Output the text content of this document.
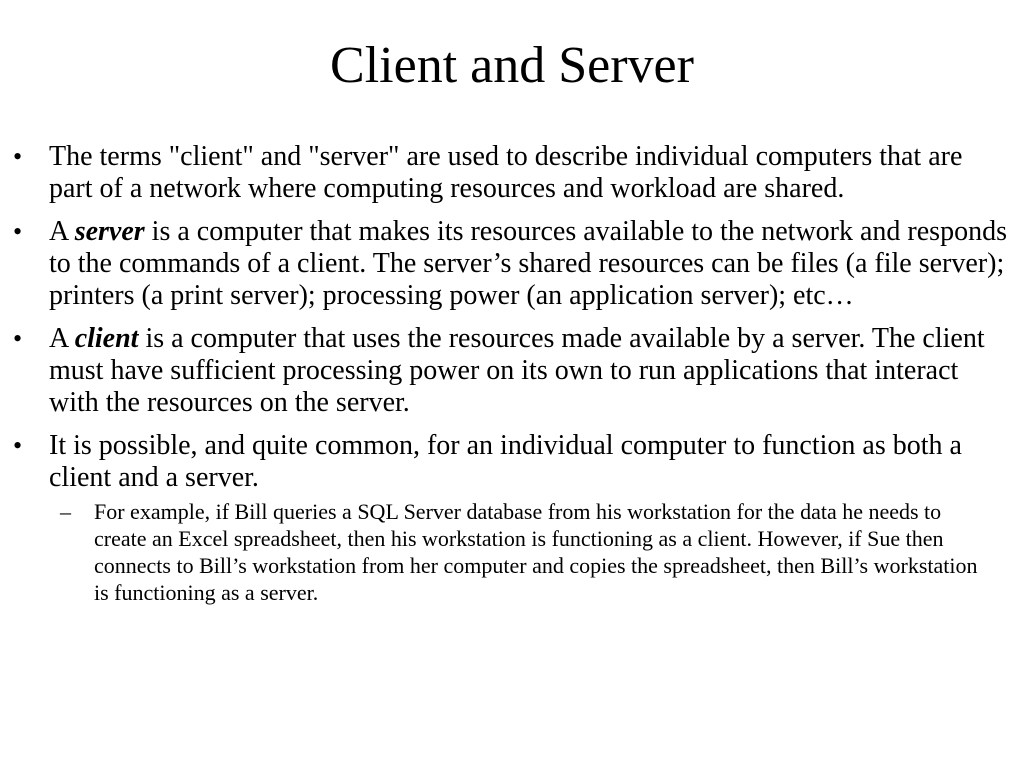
Client and Server
• The terms "client" and "server" are used to describe individual computers that are part of a network where computing resources and workload are shared.
• A server is a computer that makes its resources available to the network and responds to the commands of a client. The server’s shared resources can be files (a file server); printers (a print server); processing power (an application server); etc…
• A client is a computer that uses the resources made available by a server. The client must have sufficient processing power on its own to run applications that interact with the resources on the server.
• It is possible, and quite common, for an individual computer to function as both a client and a server.
– For example, if Bill queries a SQL Server database from his workstation for the data he needs to create an Excel spreadsheet, then his workstation is functioning as a client. However, if Sue then connects to Bill’s workstation from her computer and copies the spreadsheet, then Bill’s workstation is functioning as a server.
